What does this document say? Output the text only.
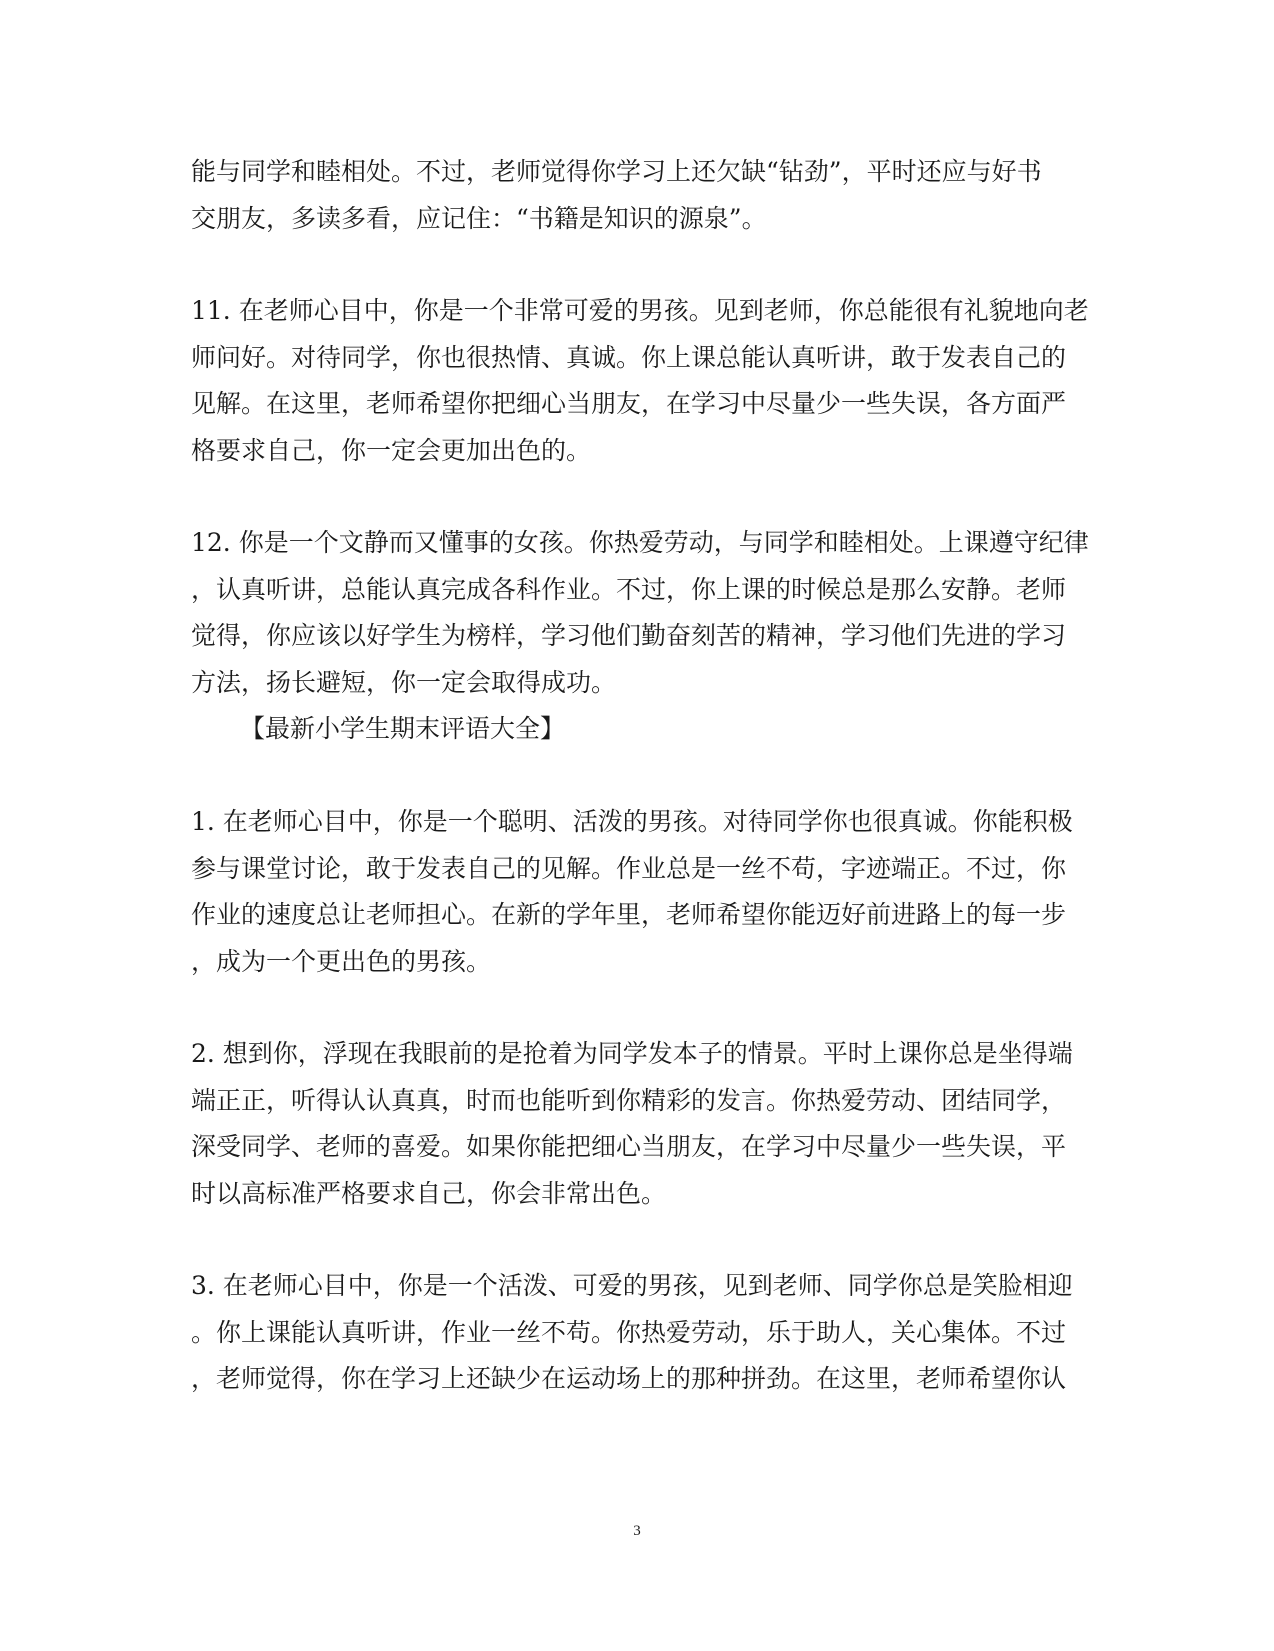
能与同学和睦相处。不过，老师觉得你学习上还欠缺“钻劲”，平时还应与好书
交朋友，多读多看，应记住：“书籍是知识的源泉”。
11. 在老师心目中，你是一个非常可爱的男孩。见到老师，你总能很有礼貌地向老
师问好。对待同学，你也很热情、真诚。你上课总能认真听讲，敢于发表自己的
见解。在这里，老师希望你把细心当朋友，在学习中尽量少一些失误，各方面严
格要求自己，你一定会更加出色的。
12. 你是一个文静而又懂事的女孩。你热爱劳动，与同学和睦相处。上课遵守纪律
，认真听讲，总能认真完成各科作业。不过，你上课的时候总是那么安静。老师
觉得，你应该以好学生为榜样，学习他们勤奋刻苦的精神，学习他们先进的学习
方法，扬长避短，你一定会取得成功。
【最新小学生期末评语大全】
1. 在老师心目中，你是一个聪明、活泼的男孩。对待同学你也很真诚。你能积极
参与课堂讨论，敢于发表自己的见解。作业总是一丝不苟，字迹端正。不过，你
作业的速度总让老师担心。在新的学年里，老师希望你能迈好前进路上的每一步
，成为一个更出色的男孩。
2. 想到你，浮现在我眼前的是抢着为同学发本子的情景。平时上课你总是坐得端
端正正，听得认认真真，时而也能听到你精彩的发言。你热爱劳动、团结同学，
深受同学、老师的喜爱。如果你能把细心当朋友，在学习中尽量少一些失误，平
时以高标准严格要求自己，你会非常出色。
3. 在老师心目中，你是一个活泼、可爱的男孩，见到老师、同学你总是笑脸相迎
。你上课能认真听讲，作业一丝不苟。你热爱劳动，乐于助人，关心集体。不过
，老师觉得，你在学习上还缺少在运动场上的那种拼劲。在这里，老师希望你认
3
